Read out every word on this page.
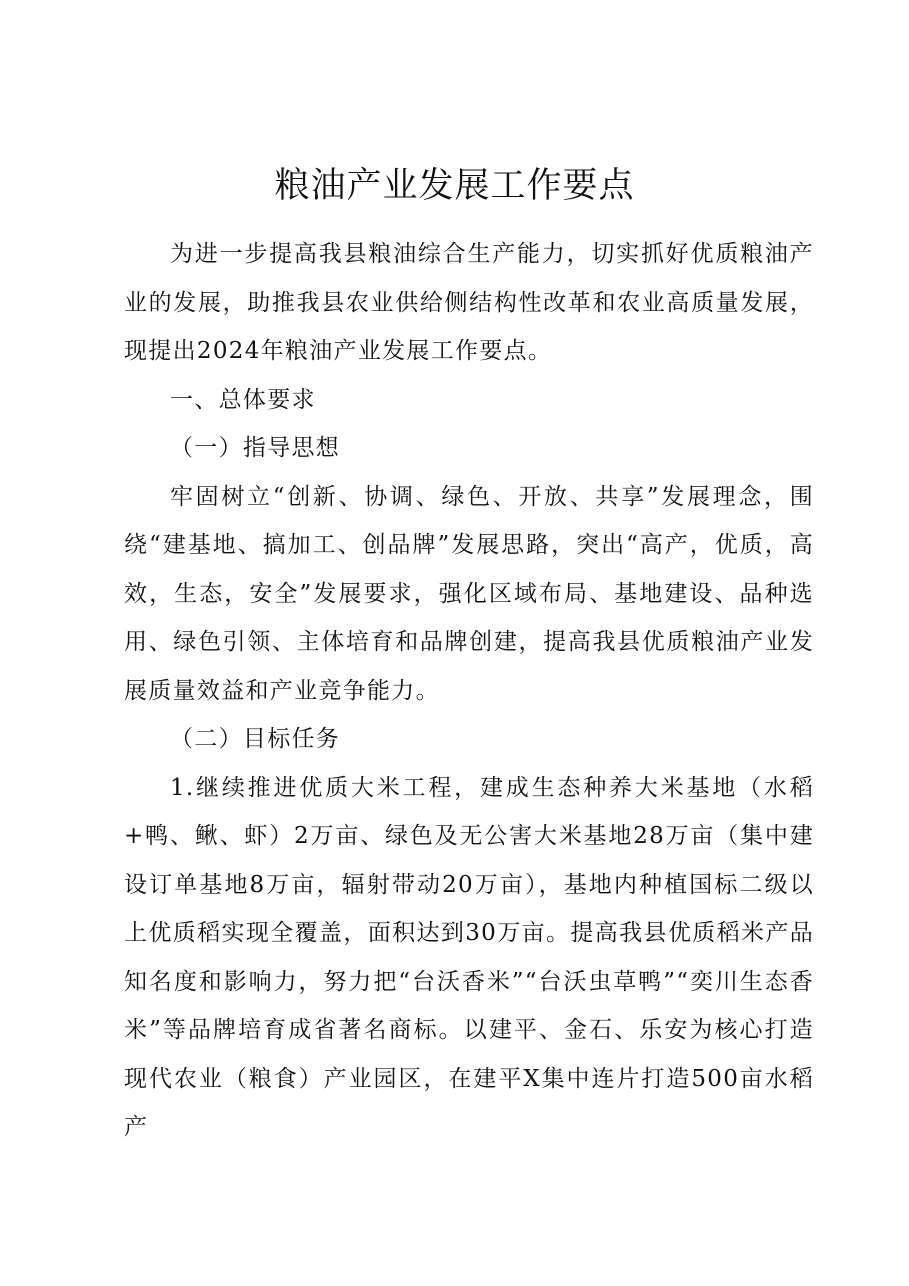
粮油产业发展工作要点

为进一步提高我县粮油综合生产能力，切实抓好优质粮油产业的发展，助推我县农业供给侧结构性改革和农业高质量发展，现提出2024年粮油产业发展工作要点。

一、总体要求

（一）指导思想

牢固树立“创新、协调、绿色、开放、共享”发展理念，围绕“建基地、搞加工、创品牌”发展思路，突出“高产，优质，高效，生态，安全”发展要求，强化区域布局、基地建设、品种选用、绿色引领、主体培育和品牌创建，提高我县优质粮油产业发展质量效益和产业竞争能力。

（二）目标任务

1.继续推进优质大米工程，建成生态种养大米基地（水稻+鸭、鳅、虾）2万亩、绿色及无公害大米基地28万亩（集中建设订单基地8万亩，辐射带动20万亩），基地内种植国标二级以上优质稻实现全覆盖，面积达到30万亩。提高我县优质稻米产品知名度和影响力，努力把“台沃香米”“台沃虫草鸭”“奕川生态香米”等品牌培育成省著名商标。以建平、金石、乐安为核心打造现代农业（粮食）产业园区，在建平X集中连片打造500亩水稻产
